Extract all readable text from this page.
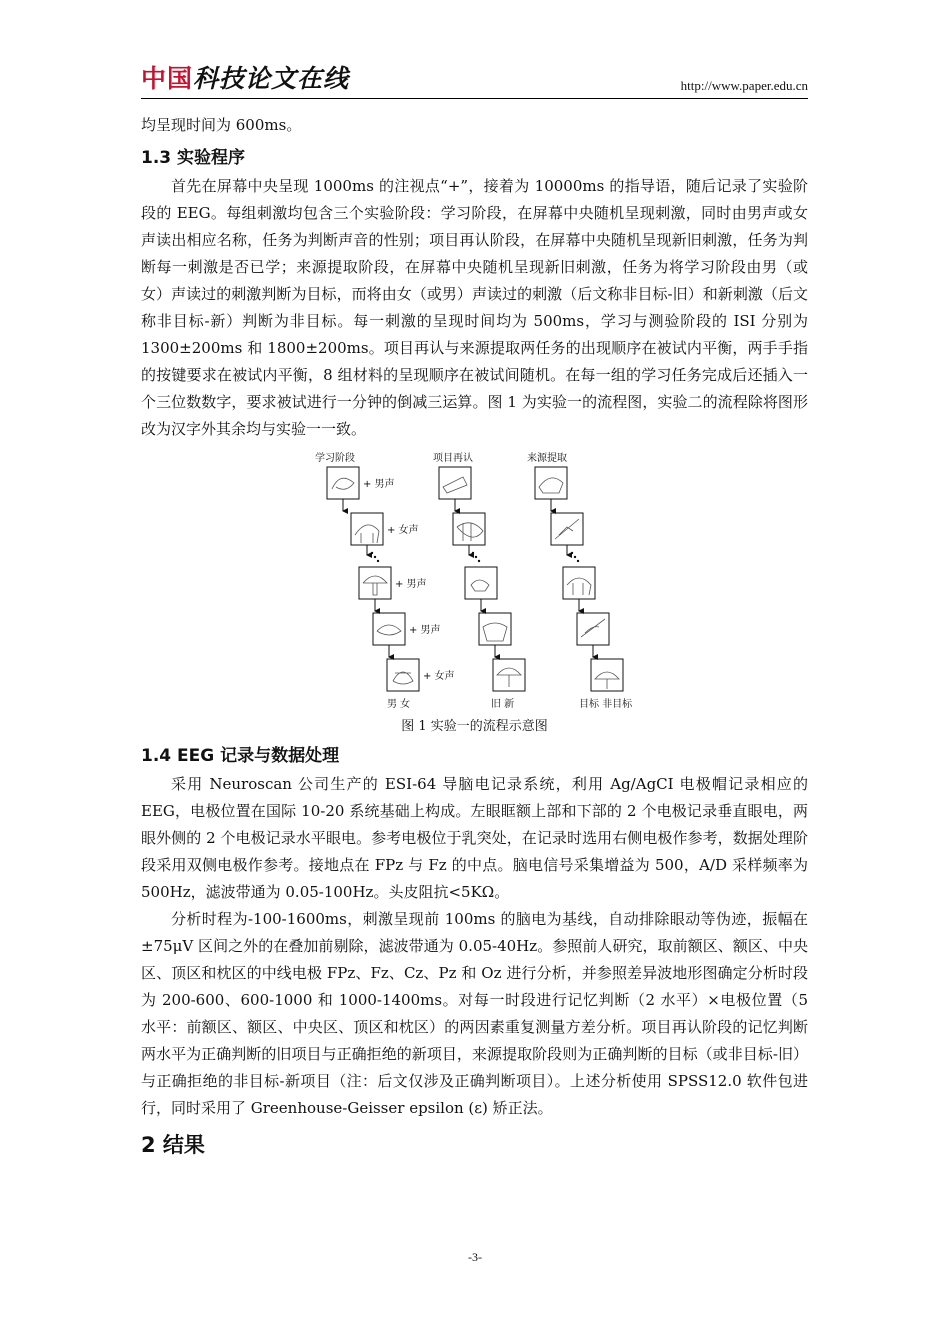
中国科技论文在线	http://www.paper.edu.cn

均呈现时间为 600ms。

1.3 实验程序

首先在屏幕中央呈现 1000ms 的注视点“+”，接着为 10000ms 的指导语，随后记录了实验阶段的 EEG。每组刺激均包含三个实验阶段：学习阶段，在屏幕中央随机呈现刺激，同时由男声或女声读出相应名称，任务为判断声音的性别；项目再认阶段，在屏幕中央随机呈现新旧刺激，任务为判断每一刺激是否已学；来源提取阶段，在屏幕中央随机呈现新旧刺激，任务为将学习阶段由男（或女）声读过的刺激判断为目标，而将由女（或男）声读过的刺激（后文称非目标-旧）和新刺激（后文称非目标-新）判断为非目标。每一刺激的呈现时间均为 500ms，学习与测验阶段的 ISI 分别为 1300±200ms 和 1800±200ms。项目再认与来源提取两任务的出现顺序在被试内平衡，两手手指的按键要求在被试内平衡，8 组材料的呈现顺序在被试间随机。在每一组的学习任务完成后还插入一个三位数数字，要求被试进行一分钟的倒减三运算。图 1 为实验一的流程图，实验二的流程除将图形改为汉字外其余均与实验一一致。

学习阶段	项目再认	来源提取
+ 男声
+ 女声
+ 男声
+ 男声
+ 女声
男 女	旧 新	目标 非目标
图 1 实验一的流程示意图
1.4 EEG 记录与数据处理

采用 Neuroscan 公司生产的 ESI-64 导脑电记录系统，利用 Ag/AgCI 电极帽记录相应的 EEG，电极位置在国际 10-20 系统基础上构成。左眼眶额上部和下部的 2 个电极记录垂直眼电，两眼外侧的 2 个电极记录水平眼电。参考电极位于乳突处，在记录时选用右侧电极作参考，数据处理阶段采用双侧电极作参考。接地点在 FPz 与 Fz 的中点。脑电信号采集增益为 500，A/D 采样频率为 500Hz，滤波带通为 0.05-100Hz。头皮阻抗<5KΩ。

分析时程为-100-1600ms，刺激呈现前 100ms 的脑电为基线，自动排除眼动等伪迹，振幅在±75μV 区间之外的在叠加前剔除，滤波带通为 0.05-40Hz。参照前人研究，取前额区、额区、中央区、顶区和枕区的中线电极 FPz、Fz、Cz、Pz 和 Oz 进行分析，并参照差异波地形图确定分析时段为 200-600、600-1000 和 1000-1400ms。对每一时段进行记忆判断（2 水平）×电极位置（5 水平：前额区、额区、中央区、顶区和枕区）的两因素重复测量方差分析。项目再认阶段的记忆判断两水平为正确判断的旧项目与正确拒绝的新项目，来源提取阶段则为正确判断的目标（或非目标-旧）与正确拒绝的非目标-新项目（注：后文仅涉及正确判断项目）。上述分析使用 SPSS12.0 软件包进行，同时采用了 Greenhouse-Geisser epsilon (ε) 矫正法。

2 结果
-3-
